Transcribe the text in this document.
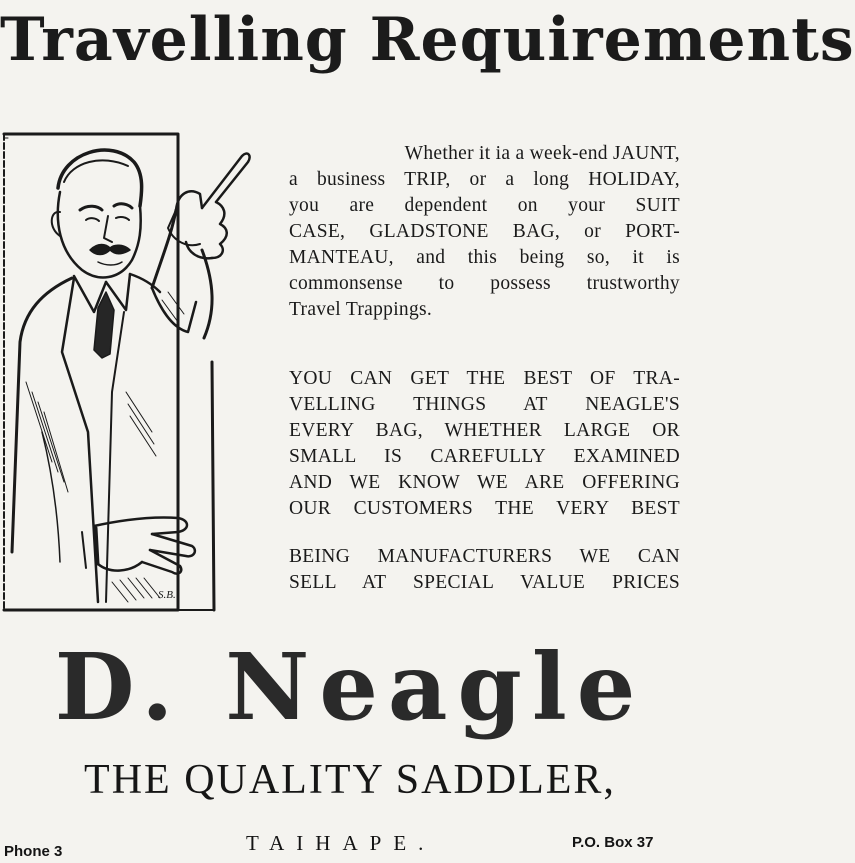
Travelling Requirements
S.B.

Whether it ia a week-end JAUNT,

a business TRIP, or a long HOLIDAY,

you are dependent on your SUIT

CASE, GLADSTONE BAG, or PORT-

MANTEAU, and this being so, it is

commonsense to possess trustworthy

Travel Trappings.

YOU CAN GET THE BEST OF TRA-

VELLING THINGS AT NEAGLE'S

EVERY BAG, WHETHER LARGE OR

SMALL IS CAREFULLY EXAMINED

AND WE KNOW WE ARE OFFERING

OUR CUSTOMERS THE VERY BEST

BEING MANUFACTURERS WE CAN

SELL AT SPECIAL VALUE PRICES

D. Neagle
THE QUALITY SADDLER,
Phone 3	TAIHAPE.	P.O. Box 37
